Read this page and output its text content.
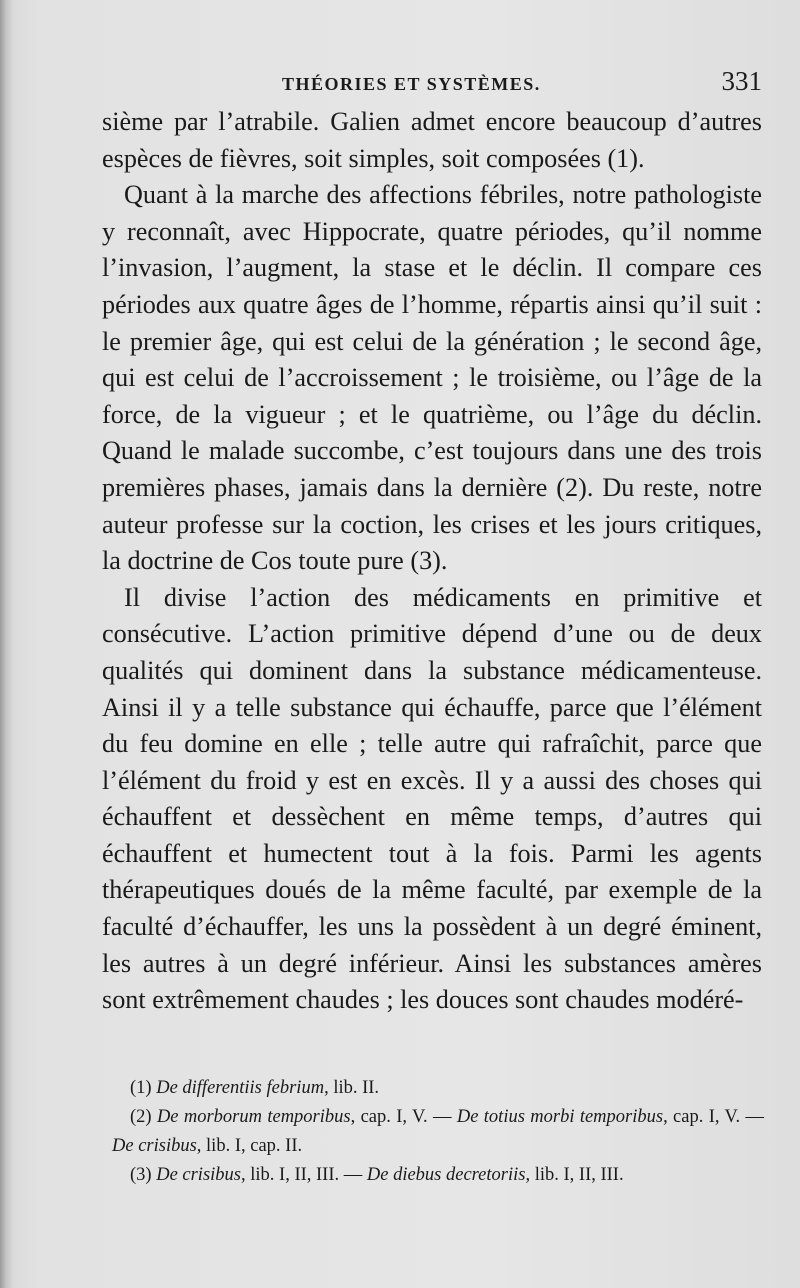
THÉORIES ET SYSTÈMES.	331

sième par l’atrabile. Galien admet encore beaucoup d’autres espèces de fièvres, soit simples, soit composées (1).

Quant à la marche des affections fébriles, notre pathologiste y reconnaît, avec Hippocrate, quatre périodes, qu’il nomme l’invasion, l’augment, la stase et le déclin. Il compare ces périodes aux quatre âges de l’homme, répartis ainsi qu’il suit : le premier âge, qui est celui de la génération ; le second âge, qui est celui de l’accroissement ; le troisième, ou l’âge de la force, de la vigueur ; et le quatrième, ou l’âge du déclin. Quand le malade succombe, c’est toujours dans une des trois premières phases, jamais dans la dernière (2). Du reste, notre auteur professe sur la coction, les crises et les jours critiques, la doctrine de Cos toute pure (3).

Il divise l’action des médicaments en primitive et consécutive. L’action primitive dépend d’une ou de deux qualités qui dominent dans la substance médicamenteuse. Ainsi il y a telle substance qui échauffe, parce que l’élément du feu domine en elle ; telle autre qui rafraîchit, parce que l’élément du froid y est en excès. Il y a aussi des choses qui échauffent et dessèchent en même temps, d’autres qui échauffent et humectent tout à la fois. Parmi les agents thérapeutiques doués de la même faculté, par exemple de la faculté d’échauffer, les uns la possèdent à un degré éminent, les autres à un degré inférieur. Ainsi les substances amères sont extrêmement chaudes ; les douces sont chaudes modéré-

(1) De differentiis febrium, lib. II.

(2) De morborum temporibus, cap. I, V. — De totius morbi temporibus, cap. I, V. — De crisibus, lib. I, cap. II.

(3) De crisibus, lib. I, II, III. — De diebus decretoriis, lib. I, II, III.
